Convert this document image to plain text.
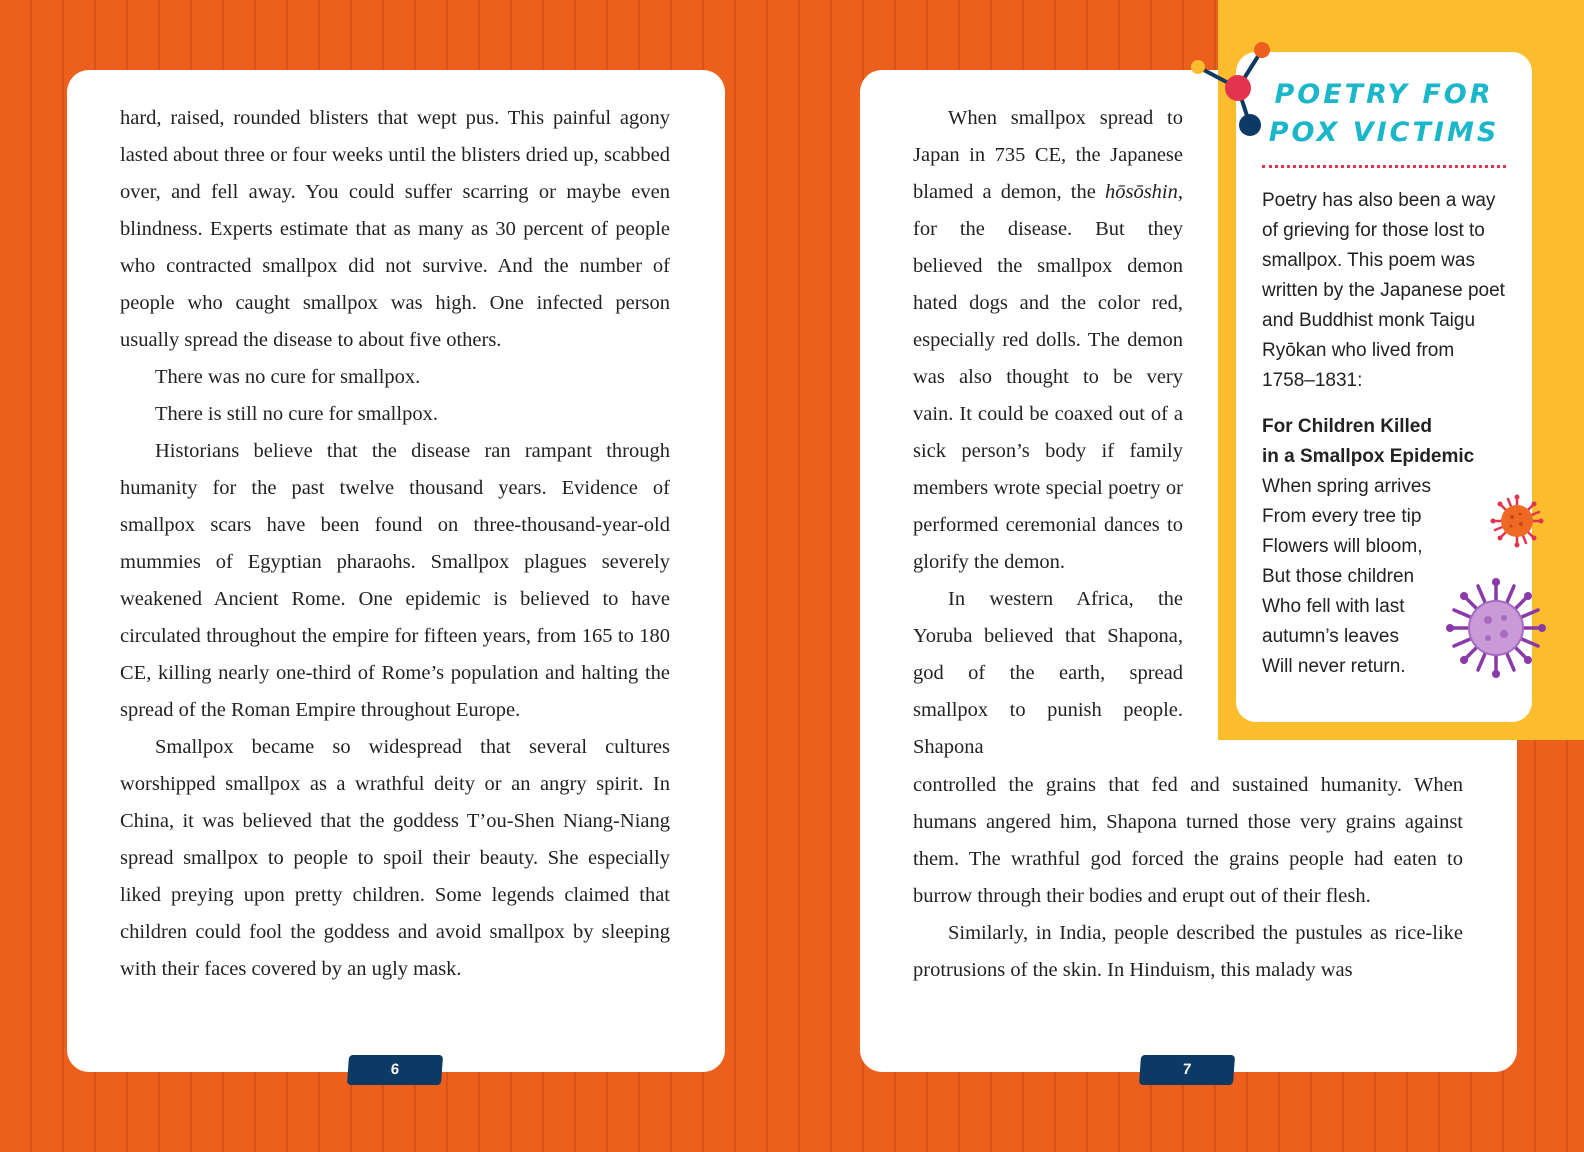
hard, raised, rounded blisters that wept pus. This painful agony lasted about three or four weeks until the blisters dried up, scabbed over, and fell away. You could suffer scarring or maybe even blindness. Experts estimate that as many as 30 percent of people who contracted smallpox did not survive. And the number of people who caught smallpox was high. One infected person usually spread the disease to about five others.

There was no cure for smallpox.

There is still no cure for smallpox.

Historians believe that the disease ran rampant through humanity for the past twelve thousand years. Evidence of smallpox scars have been found on three-thousand-year-old mummies of Egyptian pharaohs. Smallpox plagues severely weakened Ancient Rome. One epidemic is believed to have circulated throughout the empire for fifteen years, from 165 to 180 CE, killing nearly one-third of Rome’s population and halting the spread of the Roman Empire throughout Europe.

Smallpox became so widespread that several cultures worshipped smallpox as a wrathful deity or an angry spirit. In China, it was believed that the goddess T’ou-Shen Niang-Niang spread smallpox to people to spoil their beauty. She especially liked preying upon pretty children. Some legends claimed that children could fool the goddess and avoid smallpox by sleeping with their faces covered by an ugly mask.

6

When smallpox spread to Japan in 735 CE, the Japanese blamed a demon, the hōsōshin, for the disease. But they believed the smallpox demon hated dogs and the color red, especially red dolls. The demon was also thought to be very vain. It could be coaxed out of a sick person’s body if family members wrote special poetry or performed ceremonial dances to glorify the demon.

In western Africa, the Yoruba believed that Shapona, god of the earth, spread smallpox to punish people. Shapona

controlled the grains that fed and sustained humanity. When humans angered him, Shapona turned those very grains against them. The wrathful god forced the grains people had eaten to burrow through their bodies and erupt out of their flesh.

Similarly, in India, people described the pustules as rice-like protrusions of the skin. In Hinduism, this malady was

7
POETRY FOR
POX VICTIMS
Poetry has also been a way of grieving for those lost to smallpox. This poem was written by the Japanese poet and Buddhist monk Taigu Ryōkan who lived from 1758–1831:
For Children Killed
in a Smallpox Epidemic
When spring arrives
From every tree tip
Flowers will bloom,
But those children
Who fell with last
autumn’s leaves
Will never return.
